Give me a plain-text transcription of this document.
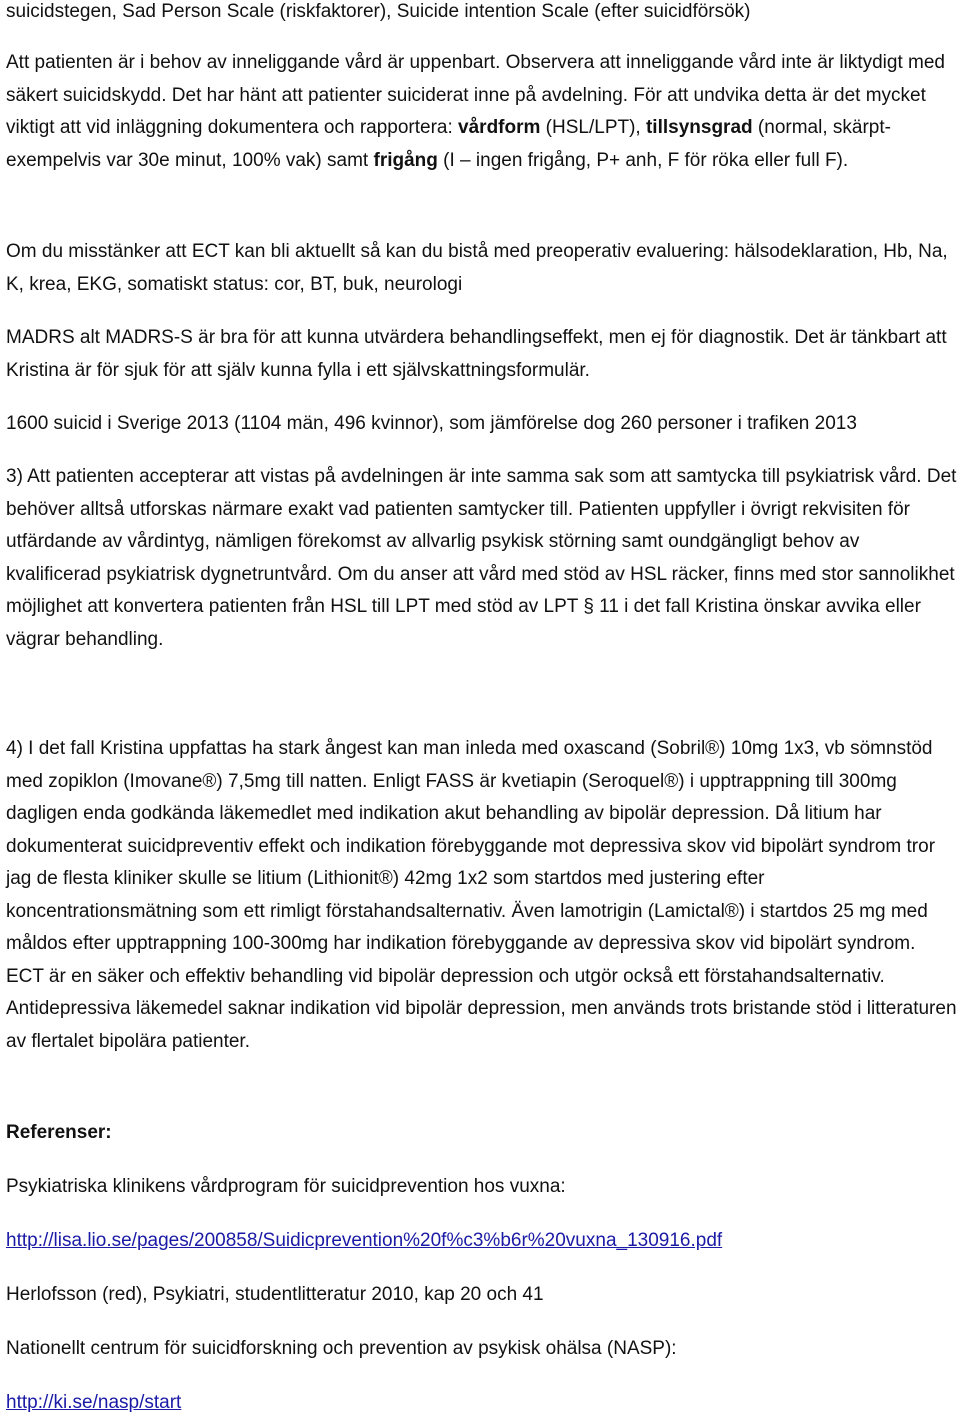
suicidstegen, Sad Person Scale (riskfaktorer), Suicide intention Scale (efter suicidförsök)

Att patienten är i behov av inneliggande vård är uppenbart. Observera att inneliggande vård inte är liktydigt med säkert suicidskydd. Det har hänt att patienter suiciderat inne på avdelning. För att undvika detta är det mycket viktigt att vid inläggning dokumentera och rapportera: vårdform (HSL/LPT), tillsynsgrad (normal, skärpt- exempelvis var 30e minut, 100% vak) samt frigång (I – ingen frigång, P+ anh, F för röka eller full F).

Om du misstänker att ECT kan bli aktuellt så kan du bistå med preoperativ evaluering: hälsodeklaration, Hb, Na, K, krea, EKG, somatiskt status: cor, BT, buk, neurologi

MADRS alt MADRS-S är bra för att kunna utvärdera behandlingseffekt, men ej för diagnostik. Det är tänkbart att Kristina är för sjuk för att själv kunna fylla i ett självskattningsformulär.

1600 suicid i Sverige 2013 (1104 män, 496 kvinnor), som jämförelse dog 260 personer i trafiken 2013

3) Att patienten accepterar att vistas på avdelningen är inte samma sak som att samtycka till psykiatrisk vård. Det behöver alltså utforskas närmare exakt vad patienten samtycker till. Patienten uppfyller i övrigt rekvisiten för utfärdande av vårdintyg, nämligen förekomst av allvarlig psykisk störning samt oundgängligt behov av kvalificerad psykiatrisk dygnetruntvård. Om du anser att vård med stöd av HSL räcker, finns med stor sannolikhet möjlighet att konvertera patienten från HSL till LPT med stöd av LPT § 11 i det fall Kristina önskar avvika eller vägrar behandling.

4) I det fall Kristina uppfattas ha stark ångest kan man inleda med oxascand (Sobril®) 10mg 1x3, vb sömnstöd med zopiklon (Imovane®) 7,5mg till natten. Enligt FASS är kvetiapin (Seroquel®) i upptrappning till 300mg dagligen enda godkända läkemedlet med indikation akut behandling av bipolär depression. Då litium har dokumenterat suicidpreventiv effekt och indikation förebyggande mot depressiva skov vid bipolärt syndrom tror jag de flesta kliniker skulle se litium (Lithionit®) 42mg 1x2 som startdos med justering efter koncentrationsmätning som ett rimligt förstahandsalternativ. Även lamotrigin (Lamictal®) i startdos 25 mg med måldos efter upptrappning 100-300mg har indikation förebyggande av depressiva skov vid bipolärt syndrom. ECT är en säker och effektiv behandling vid bipolär depression och utgör också ett förstahandsalternativ. Antidepressiva läkemedel saknar indikation vid bipolär depression, men används trots bristande stöd i litteraturen av flertalet bipolära patienter.

Referenser:

Psykiatriska klinikens vårdprogram för suicidprevention hos vuxna:

http://lisa.lio.se/pages/200858/Suidicprevention%20f%c3%b6r%20vuxna_130916.pdf

Herlofsson (red), Psykiatri, studentlitteratur 2010, kap 20 och 41

Nationellt centrum för suicidforskning och prevention av psykisk ohälsa (NASP):

http://ki.se/nasp/start
